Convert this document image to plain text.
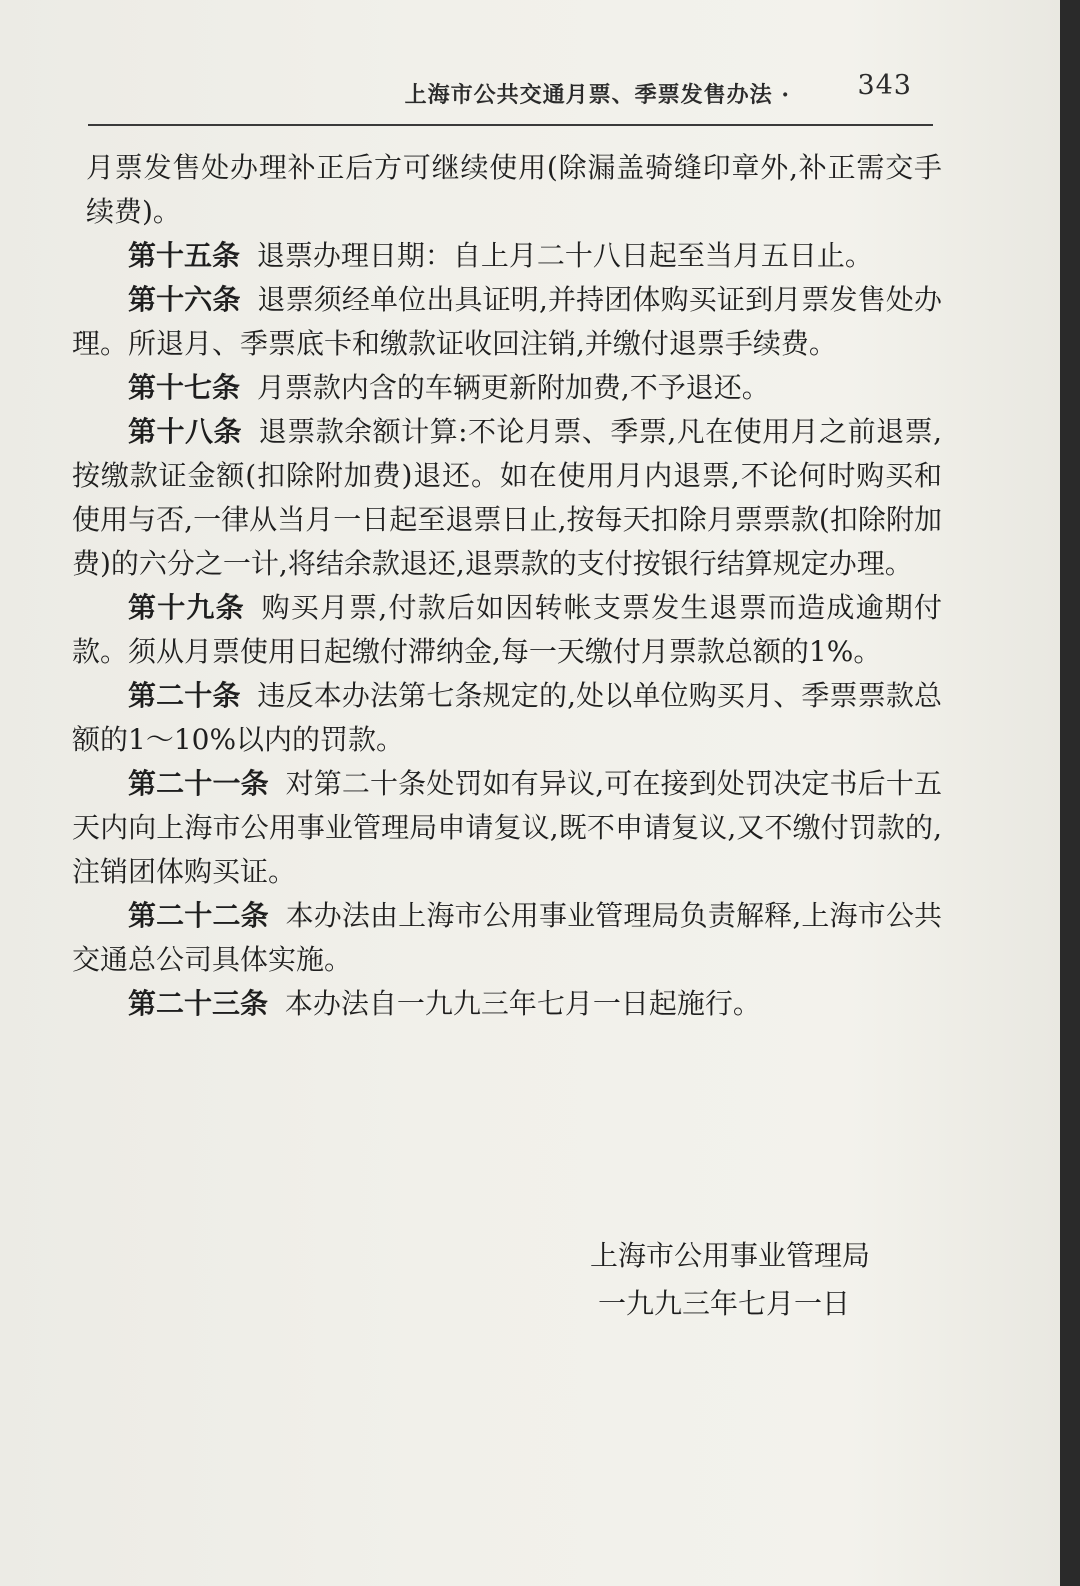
上海市公共交通月票、季票发售办法 · 343

月票发售处办理补正后方可继续使用(除漏盖骑缝印章外,补正需交手续费)。

第十五条 退票办理日期：自上月二十八日起至当月五日止。

第十六条 退票须经单位出具证明,并持团体购买证到月票发售处办理。所退月、季票底卡和缴款证收回注销,并缴付退票手续费。

第十七条 月票款内含的车辆更新附加费,不予退还。

第十八条 退票款余额计算:不论月票、季票,凡在使用月之前退票,按缴款证金额(扣除附加费)退还。如在使用月内退票,不论何时购买和使用与否,一律从当月一日起至退票日止,按每天扣除月票票款(扣除附加费)的六分之一计,将结余款退还,退票款的支付按银行结算规定办理。

第十九条 购买月票,付款后如因转帐支票发生退票而造成逾期付款。须从月票使用日起缴付滞纳金,每一天缴付月票款总额的1%。

第二十条 违反本办法第七条规定的,处以单位购买月、季票票款总额的1～10%以内的罚款。

第二十一条 对第二十条处罚如有异议,可在接到处罚决定书后十五天内向上海市公用事业管理局申请复议,既不申请复议,又不缴付罚款的,注销团体购买证。

第二十二条 本办法由上海市公用事业管理局负责解释,上海市公共交通总公司具体实施。

第二十三条 本办法自一九九三年七月一日起施行。

上海市公用事业管理局
一九九三年七月一日
